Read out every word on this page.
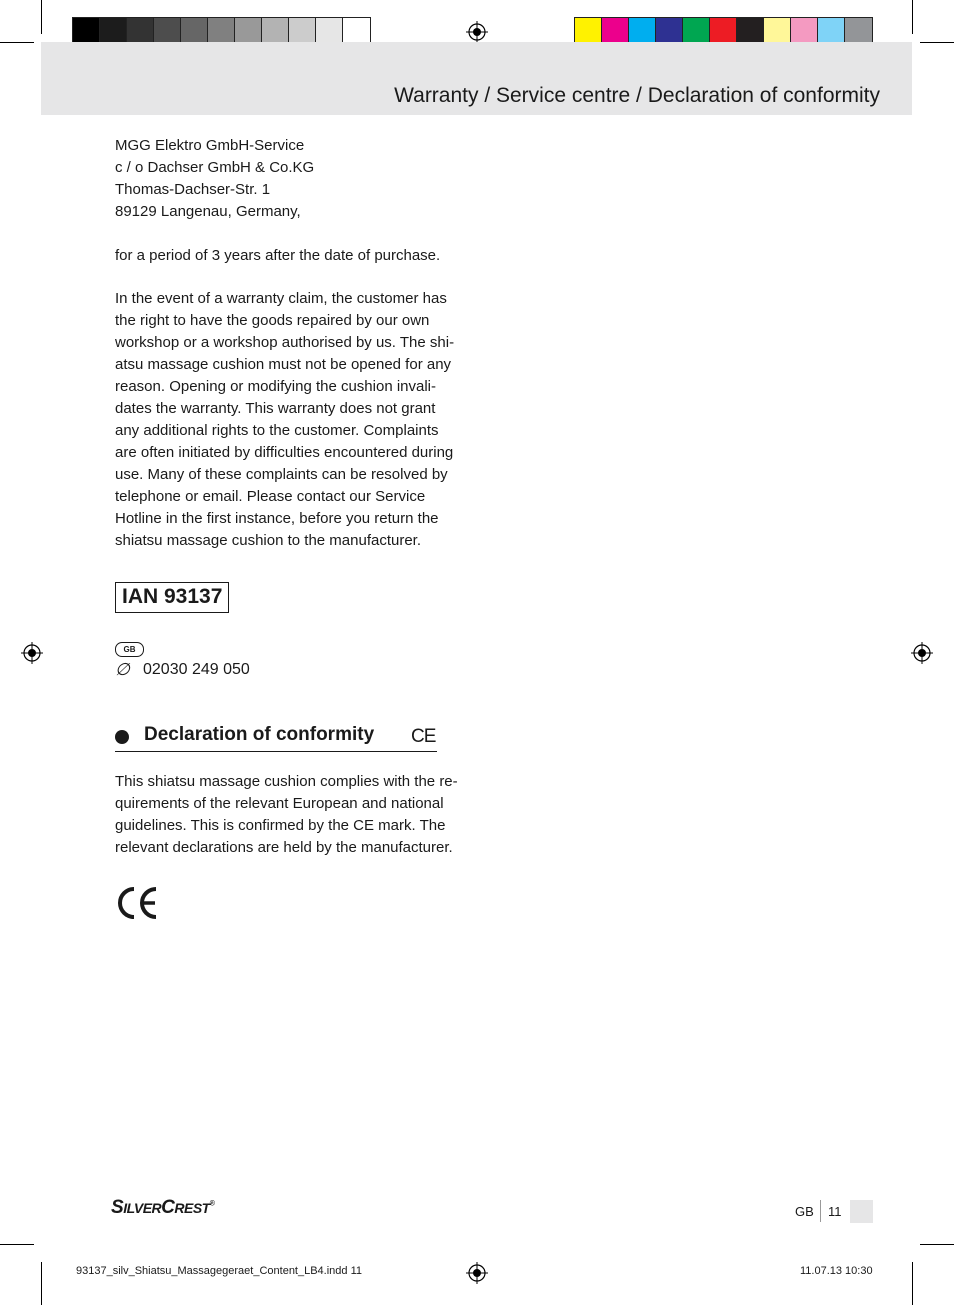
Warranty / Service centre / Declaration of conformity

MGG Elektro GmbH-Service

c / o Dachser GmbH & Co.KG

Thomas-Dachser-Str. 1

89129 Langenau, Germany,

for a period of 3 years after the date of purchase.

In the event of a warranty claim, the customer has

the right to have the goods repaired by our own

workshop or a workshop authorised by us. The shi-

atsu massage cushion must not be opened for any

reason. Opening or modifying the cushion invali-

dates the warranty. This warranty does not grant

any additional rights to the customer. Complaints

are often initiated by difficulties encountered during

use. Many of these complaints can be resolved by

telephone or email. Please contact our Service

Hotline in the first instance, before you return the

shiatsu massage cushion to the manufacturer.

IAN 93137
GB
∅ 02030 249 050
Declaration of conformity CE

This shiatsu massage cushion complies with the re-

quirements of the relevant European and national

guidelines. This is confirmed by the CE mark. The

relevant declarations are held by the manufacturer.

SILVERCREST®	GB 11
93137_silv_Shiatsu_Massagegeraet_Content_LB4.indd 11	11.07.13 10:30
